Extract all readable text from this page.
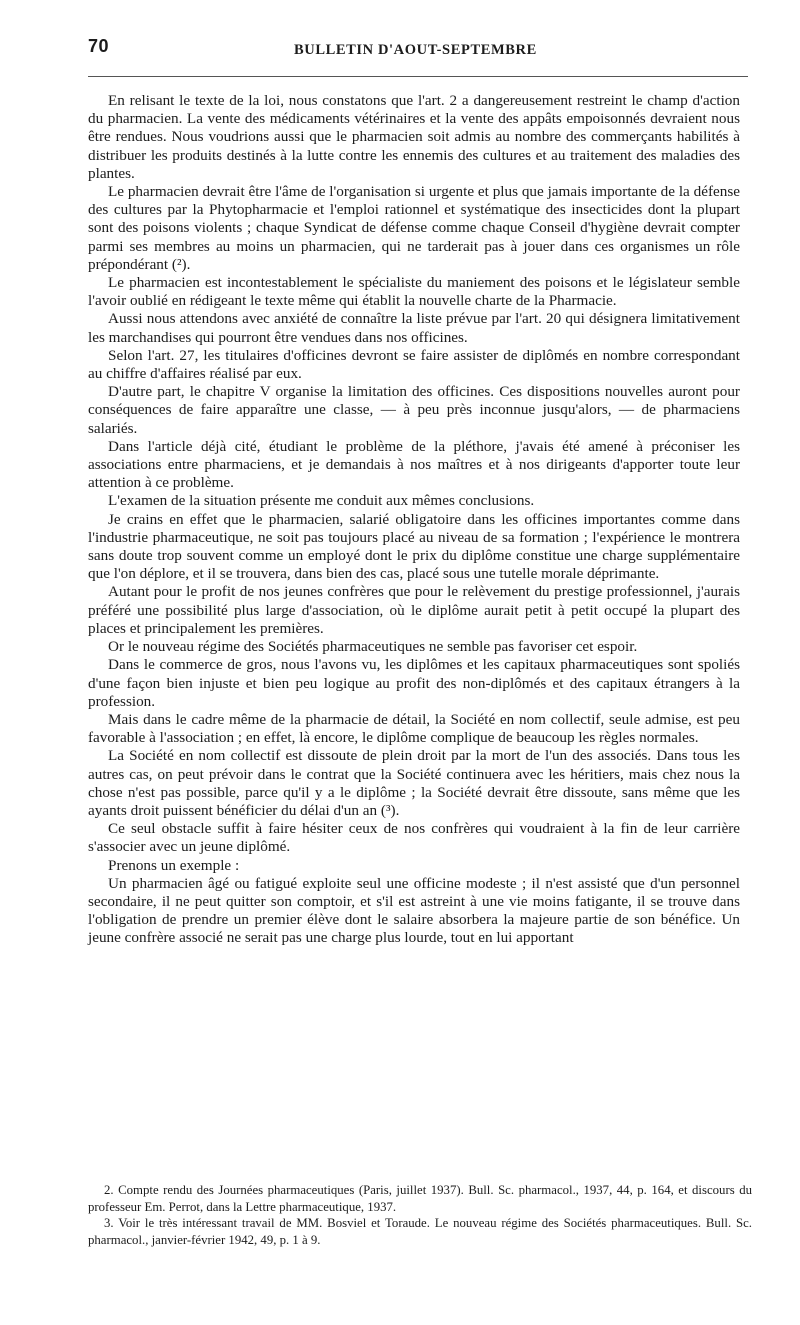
70	BULLETIN D'AOUT-SEPTEMBRE

En relisant le texte de la loi, nous constatons que l'art. 2 a dangereusement restreint le champ d'action du pharmacien. La vente des médicaments vétérinaires et la vente des appâts empoisonnés devraient nous être rendues. Nous voudrions aussi que le pharmacien soit admis au nombre des commerçants habilités à distribuer les produits destinés à la lutte contre les ennemis des cultures et au traitement des maladies des plantes.

Le pharmacien devrait être l'âme de l'organisation si urgente et plus que jamais importante de la défense des cultures par la Phytopharmacie et l'emploi rationnel et systématique des insecticides dont la plupart sont des poisons violents ; chaque Syndicat de défense comme chaque Conseil d'hygiène devrait compter parmi ses membres au moins un pharmacien, qui ne tarderait pas à jouer dans ces organismes un rôle prépondérant (²).

Le pharmacien est incontestablement le spécialiste du maniement des poisons et le législateur semble l'avoir oublié en rédigeant le texte même qui établit la nouvelle charte de la Pharmacie.

Aussi nous attendons avec anxiété de connaître la liste prévue par l'art. 20 qui désignera limitativement les marchandises qui pourront être vendues dans nos officines.

Selon l'art. 27, les titulaires d'officines devront se faire assister de diplômés en nombre correspondant au chiffre d'affaires réalisé par eux.

D'autre part, le chapitre V organise la limitation des officines. Ces dispositions nouvelles auront pour conséquences de faire apparaître une classe, — à peu près inconnue jusqu'alors, — de pharmaciens salariés.

Dans l'article déjà cité, étudiant le problème de la pléthore, j'avais été amené à préconiser les associations entre pharmaciens, et je demandais à nos maîtres et à nos dirigeants d'apporter toute leur attention à ce problème.

L'examen de la situation présente me conduit aux mêmes conclusions.

Je crains en effet que le pharmacien, salarié obligatoire dans les officines importantes comme dans l'industrie pharmaceutique, ne soit pas toujours placé au niveau de sa formation ; l'expérience le montrera sans doute trop souvent comme un employé dont le prix du diplôme constitue une charge supplémentaire que l'on déplore, et il se trouvera, dans bien des cas, placé sous une tutelle morale déprimante.

Autant pour le profit de nos jeunes confrères que pour le relèvement du prestige professionnel, j'aurais préféré une possibilité plus large d'association, où le diplôme aurait petit à petit occupé la plupart des places et principalement les premières.

Or le nouveau régime des Sociétés pharmaceutiques ne semble pas favoriser cet espoir.

Dans le commerce de gros, nous l'avons vu, les diplômes et les capitaux pharmaceutiques sont spoliés d'une façon bien injuste et bien peu logique au profit des non-diplômés et des capitaux étrangers à la profession.

Mais dans le cadre même de la pharmacie de détail, la Société en nom collectif, seule admise, est peu favorable à l'association ; en effet, là encore, le diplôme complique de beaucoup les règles normales.

La Société en nom collectif est dissoute de plein droit par la mort de l'un des associés. Dans tous les autres cas, on peut prévoir dans le contrat que la Société continuera avec les héritiers, mais chez nous la chose n'est pas possible, parce qu'il y a le diplôme ; la Société devrait être dissoute, sans même que les ayants droit puissent bénéficier du délai d'un an (³).

Ce seul obstacle suffit à faire hésiter ceux de nos confrères qui voudraient à la fin de leur carrière s'associer avec un jeune diplômé.

Prenons un exemple :

Un pharmacien âgé ou fatigué exploite seul une officine modeste ; il n'est assisté que d'un personnel secondaire, il ne peut quitter son comptoir, et s'il est astreint à une vie moins fatigante, il se trouve dans l'obligation de prendre un premier élève dont le salaire absorbera la majeure partie de son bénéfice. Un jeune confrère associé ne serait pas une charge plus lourde, tout en lui apportant

2. Compte rendu des Journées pharmaceutiques (Paris, juillet 1937). Bull. Sc. pharmacol., 1937, 44, p. 164, et discours du professeur Em. Perrot, dans la Lettre pharmaceutique, 1937.

3. Voir le très intéressant travail de MM. Bosviel et Toraude. Le nouveau régime des Sociétés pharmaceutiques. Bull. Sc. pharmacol., janvier-février 1942, 49, p. 1 à 9.
